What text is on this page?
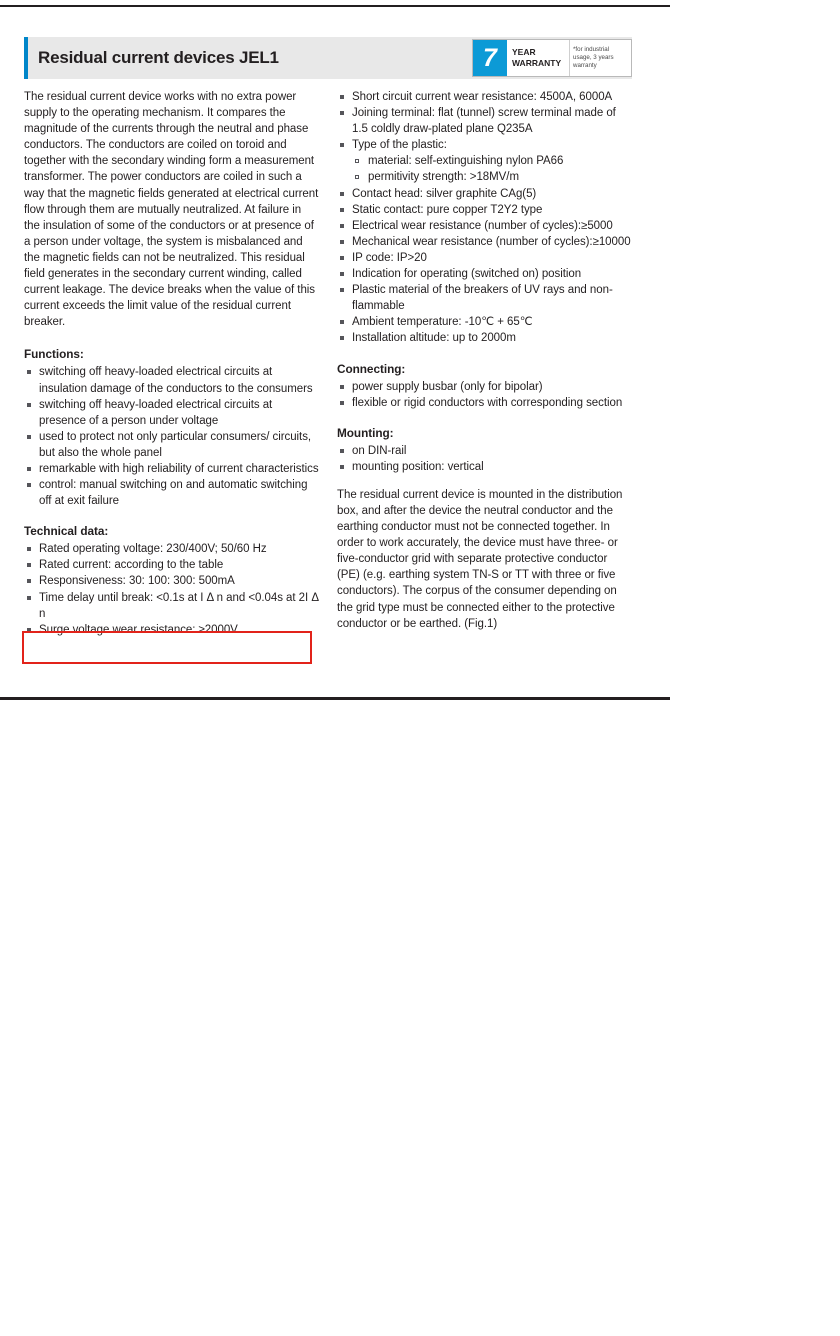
Residual current devices JEL1	7	YEAR
WARRANTY
*for industrial usage, 3 years warranty

The residual current device works with no extra power supply to the operating mechanism. It compares the magnitude of the currents through the neutral and phase conductors. The conductors are coiled on toroid and together with the secondary winding form a measurement transformer. The power conductors are coiled in such a way that the magnetic fields generated at electrical current flow through them are mutually neutralized. At failure in the insulation of some of the conductors or at presence of a person under voltage, the system is misbalanced and the magnetic fields can not be neutralized. This residual field generates in the secondary current winding, called current leakage. The device breaks when the value of this current exceeds the limit value of the residual current breaker.

Functions:
switching off heavy-loaded electrical circuits at insulation damage of the conductors to the consumers
switching off heavy-loaded electrical circuits at presence of a person under voltage
used to protect not only particular consumers/ circuits, but also the whole panel
remarkable with high reliability of current characteristics
control: manual switching on and automatic switching off at exit failure
Technical data:
Rated operating voltage: 230/400V; 50/60 Hz
Rated current: according to the table
Responsiveness: 30: 100: 300: 500mA
Time delay until break: <0.1s at I Δ n and <0.04s at 2I Δ n
Surge voltage wear resistance: ≥2000V
Short circuit current wear resistance: 4500A, 6000A
Joining terminal: flat (tunnel) screw terminal made of 1.5 coldly draw-plated plane Q235A
Type of the plastic:
material: self-extinguishing nylon PA66
permitivity strength: >18MV/m
Contact head: silver graphite CAg(5)
Static contact: pure copper T2Y2 type
Electrical wear resistance (number of cycles):≥5000
Mechanical wear resistance (number of cycles):≥10000
IP code: IP>20
Indication for operating (switched on) position
Plastic material of the breakers of UV rays and non-flammable
Ambient temperature: -10℃ + 65℃
Installation altitude: up to 2000m
Connecting:
power supply busbar (only for bipolar)
flexible or rigid conductors with corresponding section
Mounting:
on DIN-rail
mounting position: vertical

The residual current device is mounted in the distribution box, and after the device the neutral conductor and the earthing conductor must not be connected together. In order to work accurately, the device must have three- or five-conductor grid with separate protective conductor (PE) (e.g. earthing system TN-S or TT with three or five conductors). The corpus of the consumer depending on the grid type must be connected either to the protective conductor or be earthed. (Fig.1)
